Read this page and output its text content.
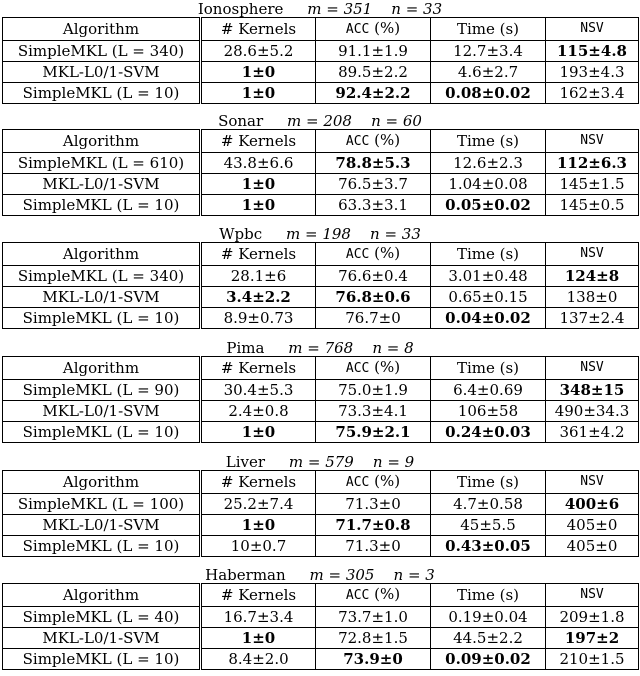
Ionosphere m = 351 n = 33
Algorithm	# Kernels	ACC (%)	Time (s)	NSV
SimpleMKL (L = 340)	28.6±5.2	91.1±1.9	12.7±3.4	115±4.8
MKL-L0/1-SVM	1±0	89.5±2.2	4.6±2.7	193±4.3
SimpleMKL (L = 10)	1±0	92.4±2.2	0.08±0.02	162±3.4
Sonar m = 208 n = 60
Algorithm	# Kernels	ACC (%)	Time (s)	NSV
SimpleMKL (L = 610)	43.8±6.6	78.8±5.3	12.6±2.3	112±6.3
MKL-L0/1-SVM	1±0	76.5±3.7	1.04±0.08	145±1.5
SimpleMKL (L = 10)	1±0	63.3±3.1	0.05±0.02	145±0.5
Wpbc m = 198 n = 33
Algorithm	# Kernels	ACC (%)	Time (s)	NSV
SimpleMKL (L = 340)	28.1±6	76.6±0.4	3.01±0.48	124±8
MKL-L0/1-SVM	3.4±2.2	76.8±0.6	0.65±0.15	138±0
SimpleMKL (L = 10)	8.9±0.73	76.7±0	0.04±0.02	137±2.4
Pima m = 768 n = 8
Algorithm	# Kernels	ACC (%)	Time (s)	NSV
SimpleMKL (L = 90)	30.4±5.3	75.0±1.9	6.4±0.69	348±15
MKL-L0/1-SVM	2.4±0.8	73.3±4.1	106±58	490±34.3
SimpleMKL (L = 10)	1±0	75.9±2.1	0.24±0.03	361±4.2
Liver m = 579 n = 9
Algorithm	# Kernels	ACC (%)	Time (s)	NSV
SimpleMKL (L = 100)	25.2±7.4	71.3±0	4.7±0.58	400±6
MKL-L0/1-SVM	1±0	71.7±0.8	45±5.5	405±0
SimpleMKL (L = 10)	10±0.7	71.3±0	0.43±0.05	405±0
Haberman m = 305 n = 3
Algorithm	# Kernels	ACC (%)	Time (s)	NSV
SimpleMKL (L = 40)	16.7±3.4	73.7±1.0	0.19±0.04	209±1.8
MKL-L0/1-SVM	1±0	72.8±1.5	44.5±2.2	197±2
SimpleMKL (L = 10)	8.4±2.0	73.9±0	0.09±0.02	210±1.5
